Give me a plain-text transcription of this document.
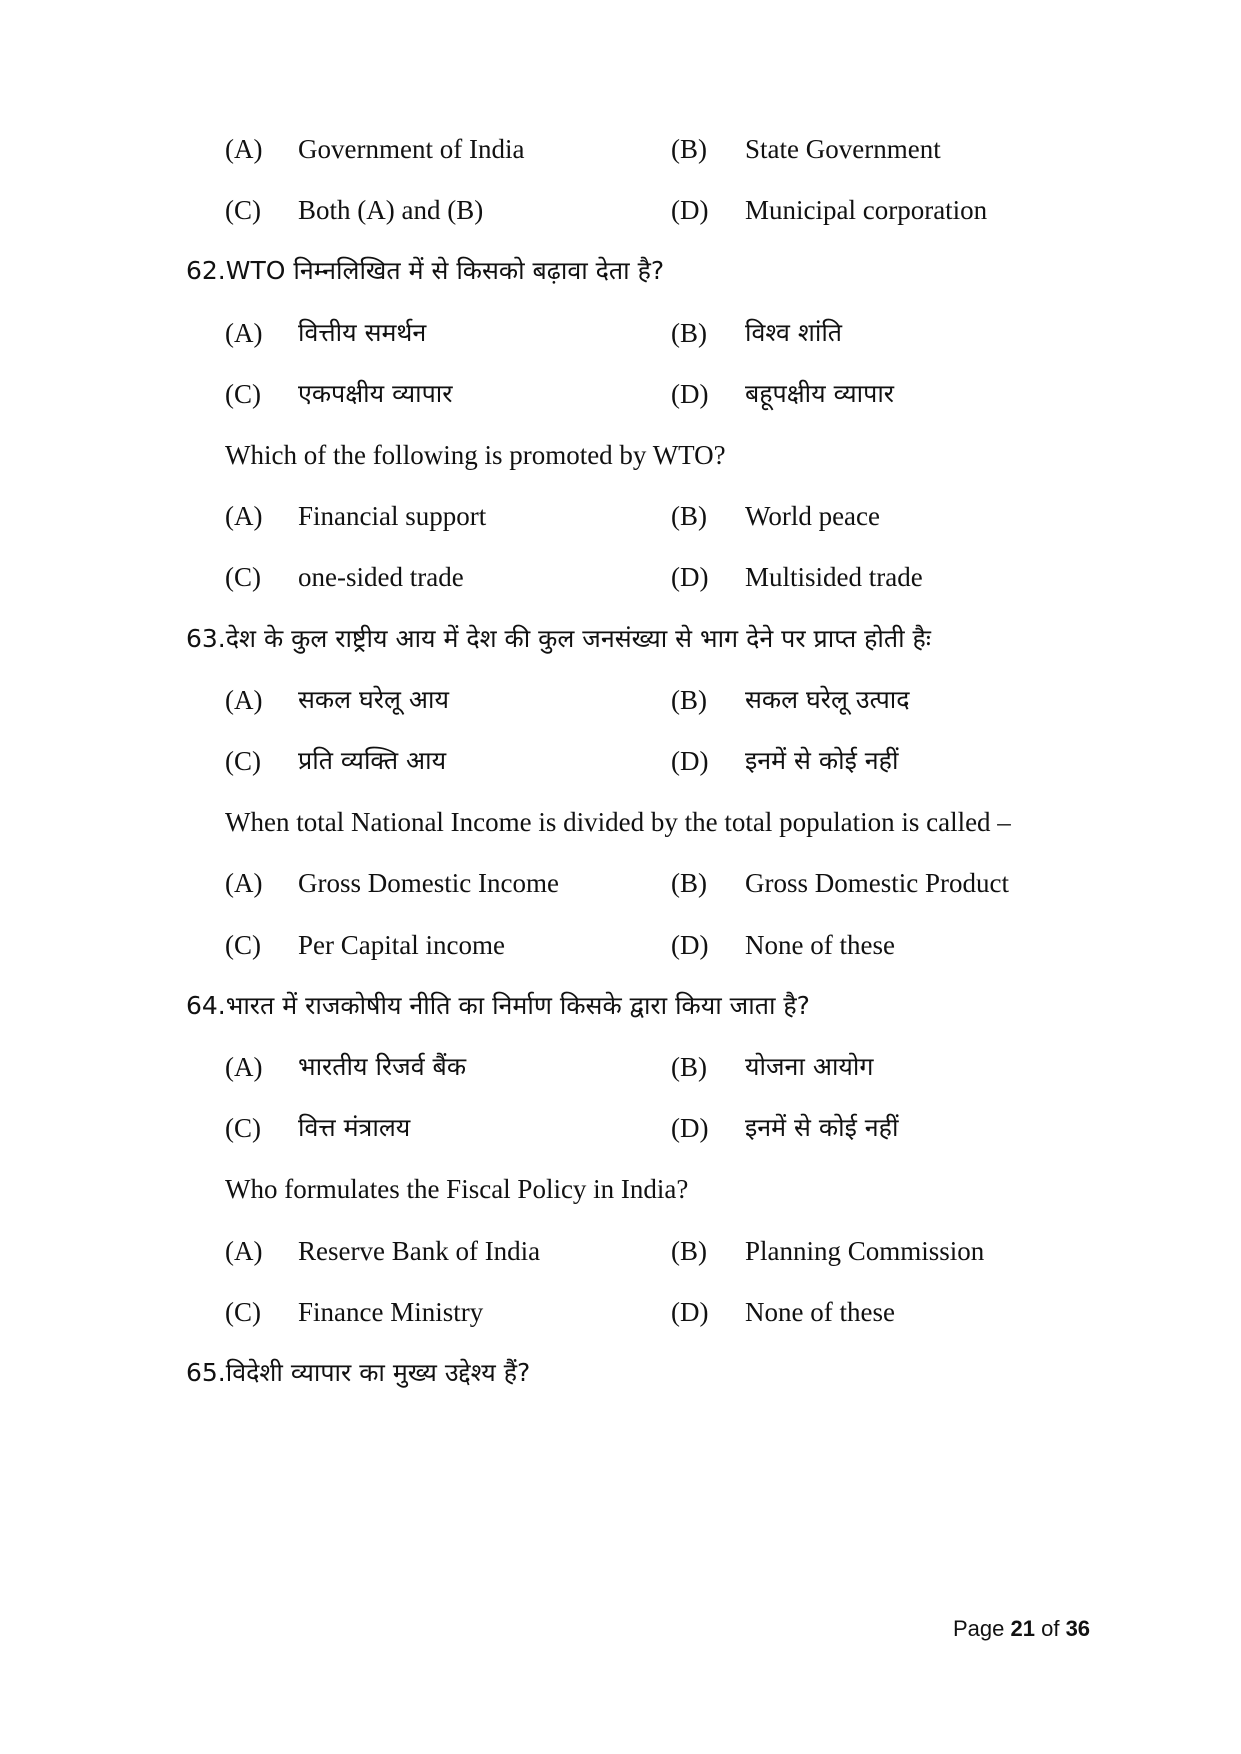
(A) Government of India	(B) State Government
(C) Both (A) and (B)	(D) Municipal corporation
62.WTO निम्नलिखित में से किसको बढ़ावा देता है?
(A) वित्तीय समर्थन	(B) विश्व शांति
(C) एकपक्षीय व्यापार	(D) बहूपक्षीय व्यापार
Which of the following is promoted by WTO?
(A) Financial support	(B) World peace
(C) one-sided trade	(D) Multisided trade
63.देश के कुल राष्ट्रीय आय में देश की कुल जनसंख्या से भाग देने पर प्राप्त होती हैः
(A) सकल घरेलू आय	(B) सकल घरेलू उत्पाद
(C) प्रति व्यक्ति आय	(D) इनमें से कोई नहीं
When total National Income is divided by the total population is called –
(A) Gross Domestic Income	(B) Gross Domestic Product
(C) Per Capital income	(D) None of these
64.भारत में राजकोषीय नीति का निर्माण किसके द्वारा किया जाता है?
(A) भारतीय रिजर्व बैंक	(B) योजना आयोग
(C) वित्त मंत्रालय	(D) इनमें से कोई नहीं
Who formulates the Fiscal Policy in India?
(A) Reserve Bank of India	(B) Planning Commission
(C) Finance Ministry	(D) None of these
65.विदेशी व्यापार का मुख्य उद्देश्य हैं?
Page 21 of 36
